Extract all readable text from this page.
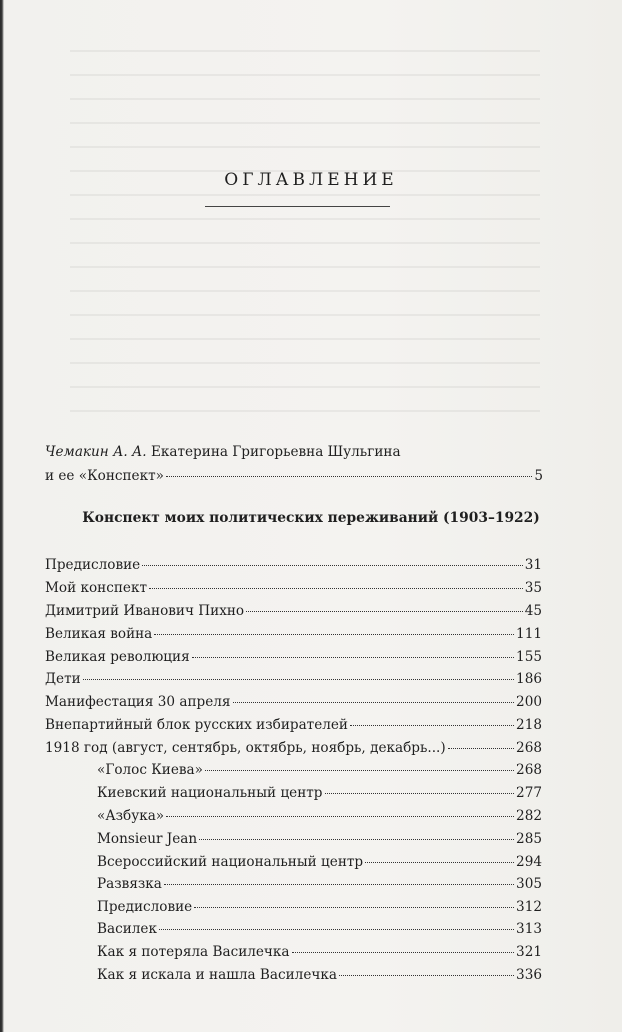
ОГЛАВЛЕНИЕ
Чемакин А. А. Екатерина Григорьевна Шульгина
и ее «Конспект»	5
Конспект моих политических переживаний (1903–1922)
Предисловие	31
Мой конспект	35
Димитрий Иванович Пихно	45
Великая война	111
Великая революция	155
Дети	186
Манифестация 30 апреля	200
Внепартийный блок русских избирателей	218
1918 год (август, сентябрь, октябрь, ноябрь, декабрь...)	268
«Голос Киева»	268
Киевский национальный центр	277
«Азбука»	282
Monsieur Jean	285
Всероссийский национальный центр	294
Развязка	305
Предисловие	312
Василек	313
Как я потеряла Василечка	321
Как я искала и нашла Василечка	336
